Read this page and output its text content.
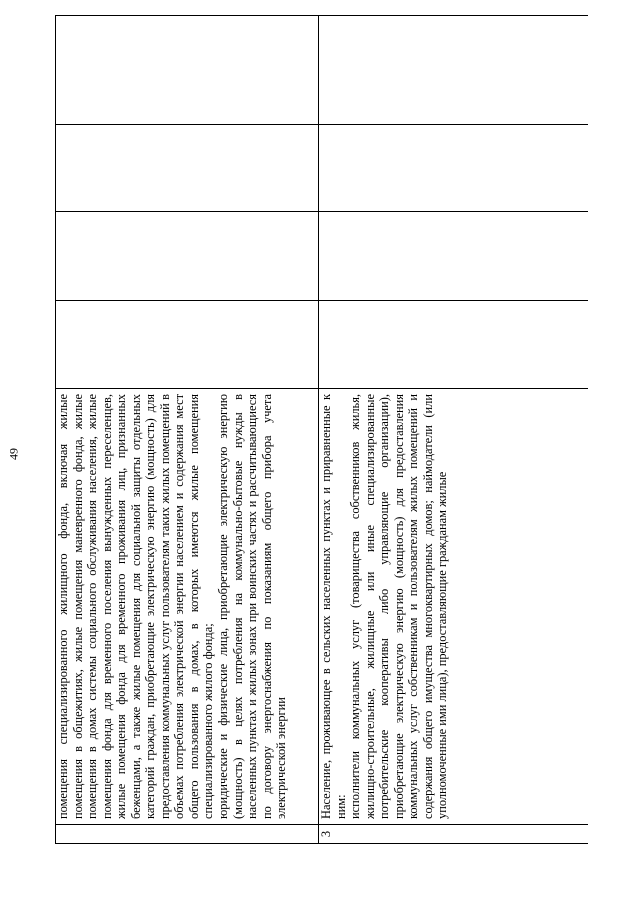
49

	помещения специализированного жилищного фонда, включая жилые помещения в общежитиях, жилые помещения маневренного фонда, жилые помещения в домах системы социального обслуживания населения, жилые помещения фонда для временного поселения вынужденных переселенцев, жилые помещения фонда для временного проживания лиц, признанных беженцами, а также жилые помещения для социальной защиты отдельных категорий граждан, приобретающие электрическую энергию (мощность) для предоставления коммунальных услуг пользователям таких жилых помещений в объемах потребления электрической энергии населением и содержания мест общего пользования в домах, в которых имеются жилые помещения специализированного жилого фонда; юридические и физические лица, приобретающие электрическую энергию (мощность) в целях потребления на коммунально-бытовые нужды в населенных пунктах и жилых зонах при воинских частях и рассчитывающиеся по договору энергоснабжения по показаниям общего прибора учета электрической энергии				

3	Население, проживающее в сельских населенных пунктах и приравненные к ним: исполнители коммунальных услуг (товарищества собственников жилья, жилищно-строительные, жилищные или иные специализированные потребительские кооперативы либо управляющие организации), приобретающие электрическую энергию (мощность) для предоставления коммунальных услуг собственникам и пользователям жилых помещений и содержания общего имущества многоквартирных домов; наймодатели (или уполномоченные ими лица), предоставляющие гражданам жилые				
